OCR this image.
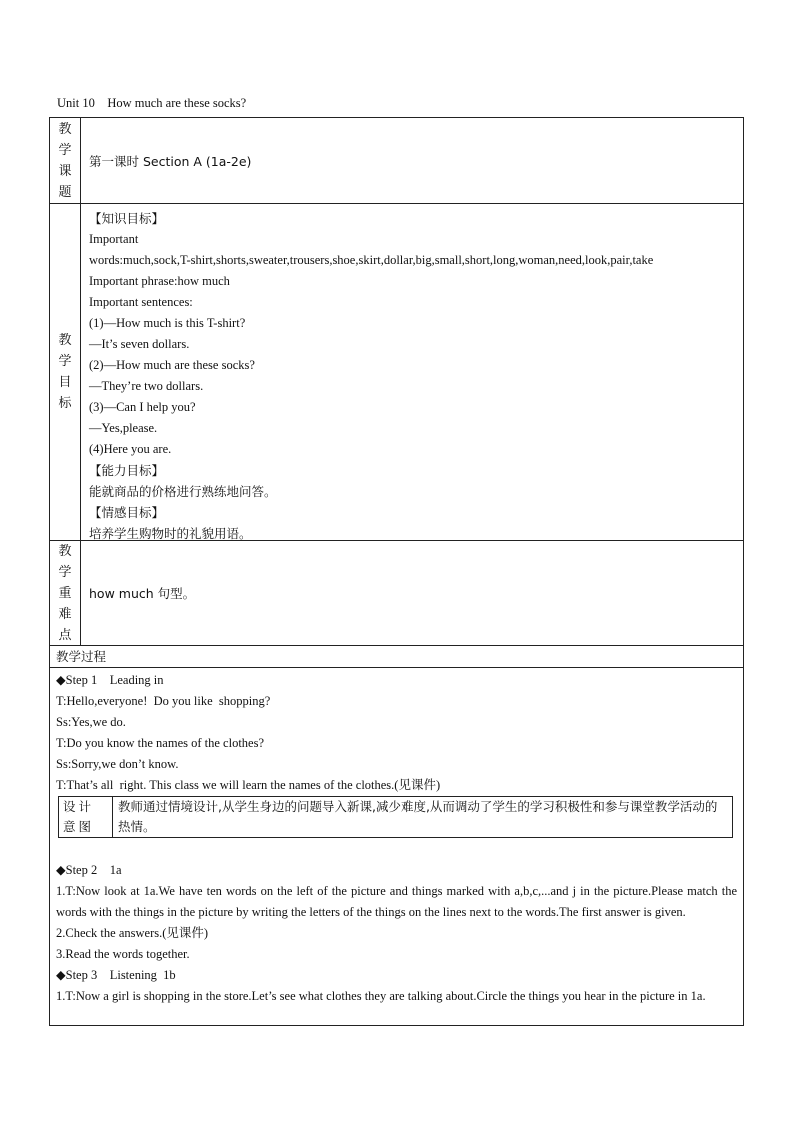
Unit 10    How much are these socks?
教
学
课
题
第一课时 Section A (1a-2e)
教
学
目
标
【知识目标】
Important
words:much,sock,T-shirt,shorts,sweater,trousers,shoe,skirt,dollar,big,small,short,long,woman,need,look,pair,take
Important phrase:how much
Important sentences:
(1)—How much is this T-shirt?
—It’s seven dollars.
(2)—How much are these socks?
—They’re two dollars.
(3)—Can I help you?
—Yes,please.
(4)Here you are.
【能力目标】
能就商品的价格进行熟练地问答。
【情感目标】
培养学生购物时的礼貌用语。
教
学
重
难
点
how much 句型。
教学过程
◆Step 1    Leading in
T:Hello,everyone!  Do you like  shopping?
Ss:Yes,we do.
T:Do you know the names of the clothes?
Ss:Sorry,we don’t know.
T:That’s all  right. This class we will learn the names of the clothes.(见课件)
设计意图
教师通过情境设计,从学生身边的问题导入新课,减少难度,从而调动了学生的学习积极性和参与课堂教学活动的热情。
◆Step 2    1a
1.T:Now look at 1a.We have ten words on the left of the picture and things marked with a,b,c,...and j in the picture.Please match the words with the things in the picture by writing the letters of the things on the lines next to the words.The first answer is given.
2.Check the answers.(见课件)
3.Read the words together.
◆Step 3    Listening  1b
1.T:Now a girl is shopping in the store.Let’s see what clothes they are talking about.Circle the things you hear in the picture in 1a.
